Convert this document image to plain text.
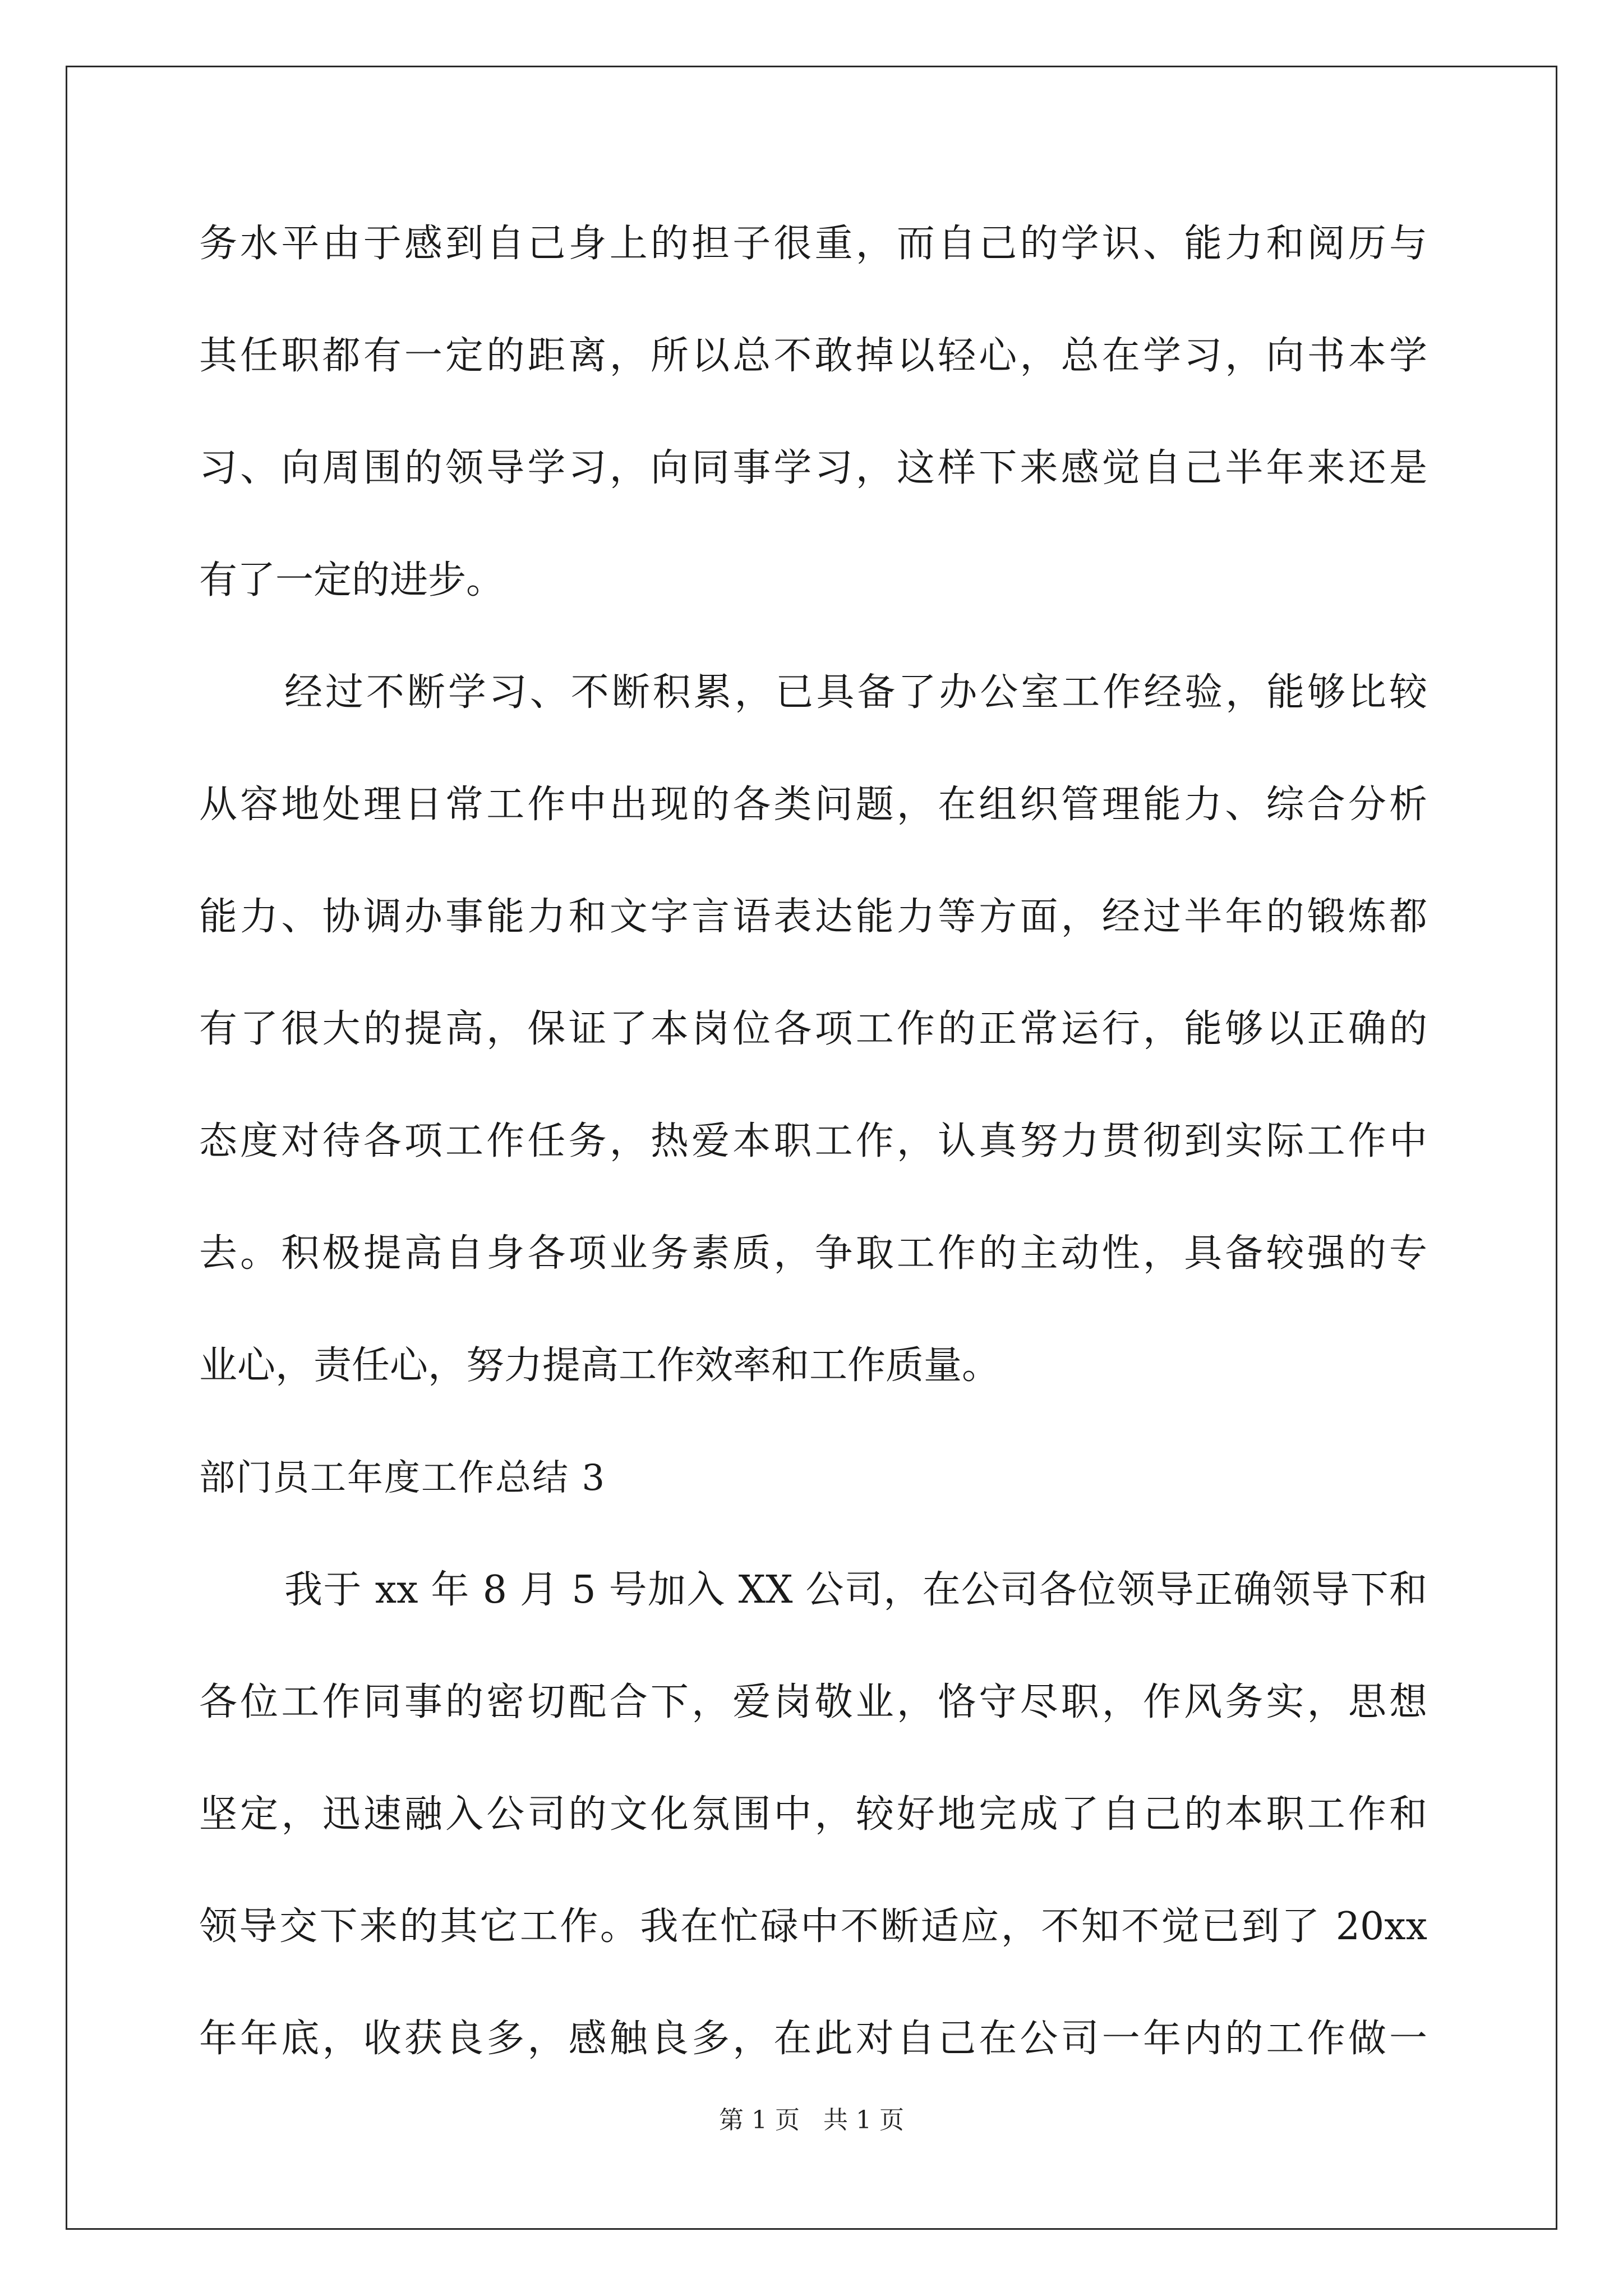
务水平由于感到自己身上的担子很重，而自己的学识、能力和阅历与
其任职都有一定的距离，所以总不敢掉以轻心，总在学习，向书本学
习、向周围的领导学习，向同事学习，这样下来感觉自己半年来还是
有了一定的进步。
经过不断学习、不断积累，已具备了办公室工作经验，能够比较
从容地处理日常工作中出现的各类问题，在组织管理能力、综合分析
能力、协调办事能力和文字言语表达能力等方面，经过半年的锻炼都
有了很大的提高，保证了本岗位各项工作的正常运行，能够以正确的
态度对待各项工作任务，热爱本职工作，认真努力贯彻到实际工作中
去。积极提高自身各项业务素质，争取工作的主动性，具备较强的专
业心，责任心，努力提高工作效率和工作质量。
部门员工年度工作总结 3
我于 xx 年 8 月 5 号加入 XX 公司，在公司各位领导正确领导下和
各位工作同事的密切配合下，爱岗敬业，恪守尽职，作风务实，思想
坚定，迅速融入公司的文化氛围中，较好地完成了自己的本职工作和
领导交下来的其它工作。我在忙碌中不断适应，不知不觉已到了 20xx
年年底，收获良多，感触良多，在此对自己在公司一年内的工作做一
第 1 页   共 1 页
